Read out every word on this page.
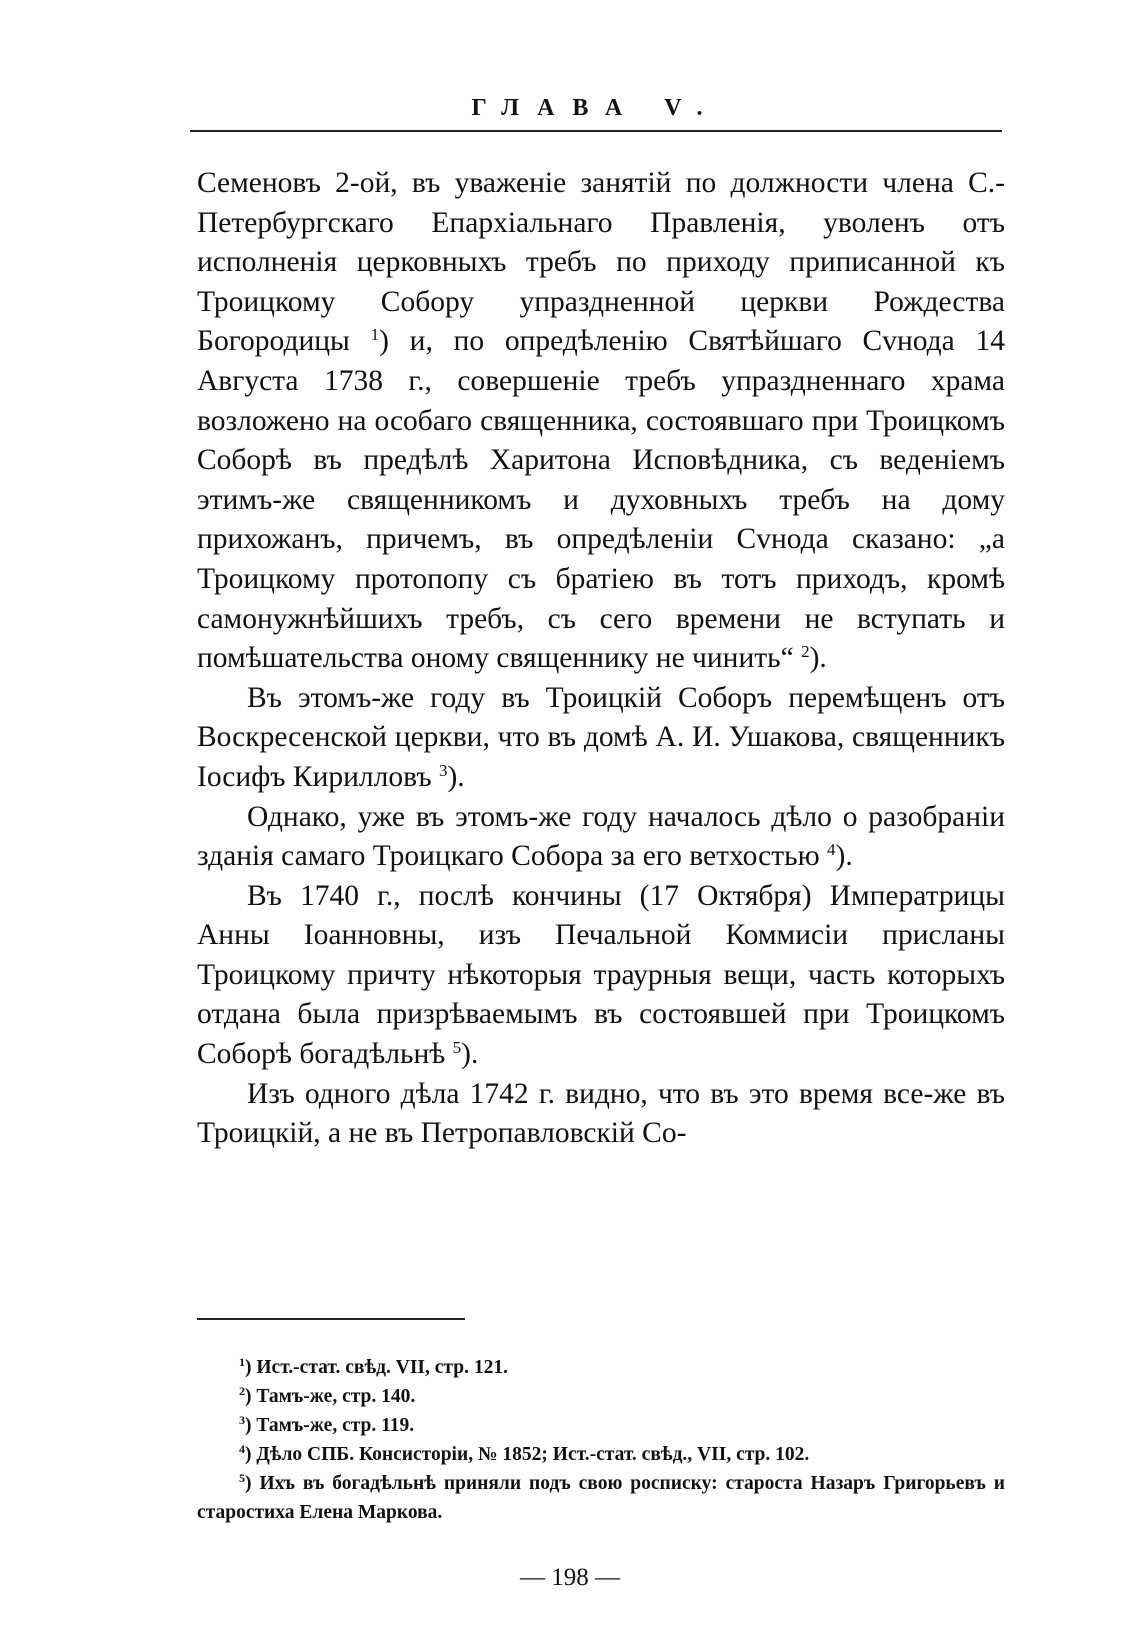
ГЛАВА V.

Семеновъ 2-ой, въ уваженіе занятій по должности члена С.-Петербургскаго Епархіальнаго Правленія, уволенъ отъ исполненія церковныхъ требъ по приходу приписанной къ Троицкому Собору упраздненной церкви Рождества Богородицы $^1$) и, по опредѣленію Святѣйшаго Сvнода 14 Августа 1738 г., совершеніе требъ упраздненнаго храма возложено на особаго священника, состоявшаго при Троицкомъ Соборѣ въ предѣлѣ Харитона Исповѣдника, съ веденіемъ этимъ-же священникомъ и духовныхъ требъ на дому прихожанъ, причемъ, въ опредѣленіи Сvнода сказано: „а Троицкому протопопу съ братіею въ тотъ приходъ, кромѣ самонужнѣйшихъ требъ, съ сего времени не вступать и помѣшательства оному священнику не чинить“ $^2$).

Въ этомъ-же году въ Троицкій Соборъ перемѣщенъ отъ Воскресенской церкви, что въ домѣ А. И. Ушакова, священникъ Іосифъ Кирилловъ $^3$).

Однако, уже въ этомъ-же году началось дѣло о разобраніи зданія самаго Троицкаго Собора за его ветхостью $^4$).

Въ 1740 г., послѣ кончины (17 Октября) Императрицы Анны Іоанновны, изъ Печальной Коммисіи присланы Троицкому причту нѣкоторыя траурныя вещи, часть которыхъ отдана была призрѣваемымъ въ состоявшей при Троицкомъ Соборѣ богадѣльнѣ $^5$).

Изъ одного дѣла 1742 г. видно, что въ это время все-же въ Троицкій, а не въ Петропавловскій Со-

$^1$) Ист.-стат. свѣд. VII, стр. 121.
$^2$) Тамъ-же, стр. 140.
$^3$) Тамъ-же, стр. 119.
$^4$) Дѣло СПБ. Консисторіи, № 1852; Ист.-стат. свѣд., VII, стр. 102.
$^5$) Ихъ въ богадѣльнѣ приняли подъ свою росписку: староста Назаръ Григорьевъ и старостиха Елена Маркова.
— 198 —
